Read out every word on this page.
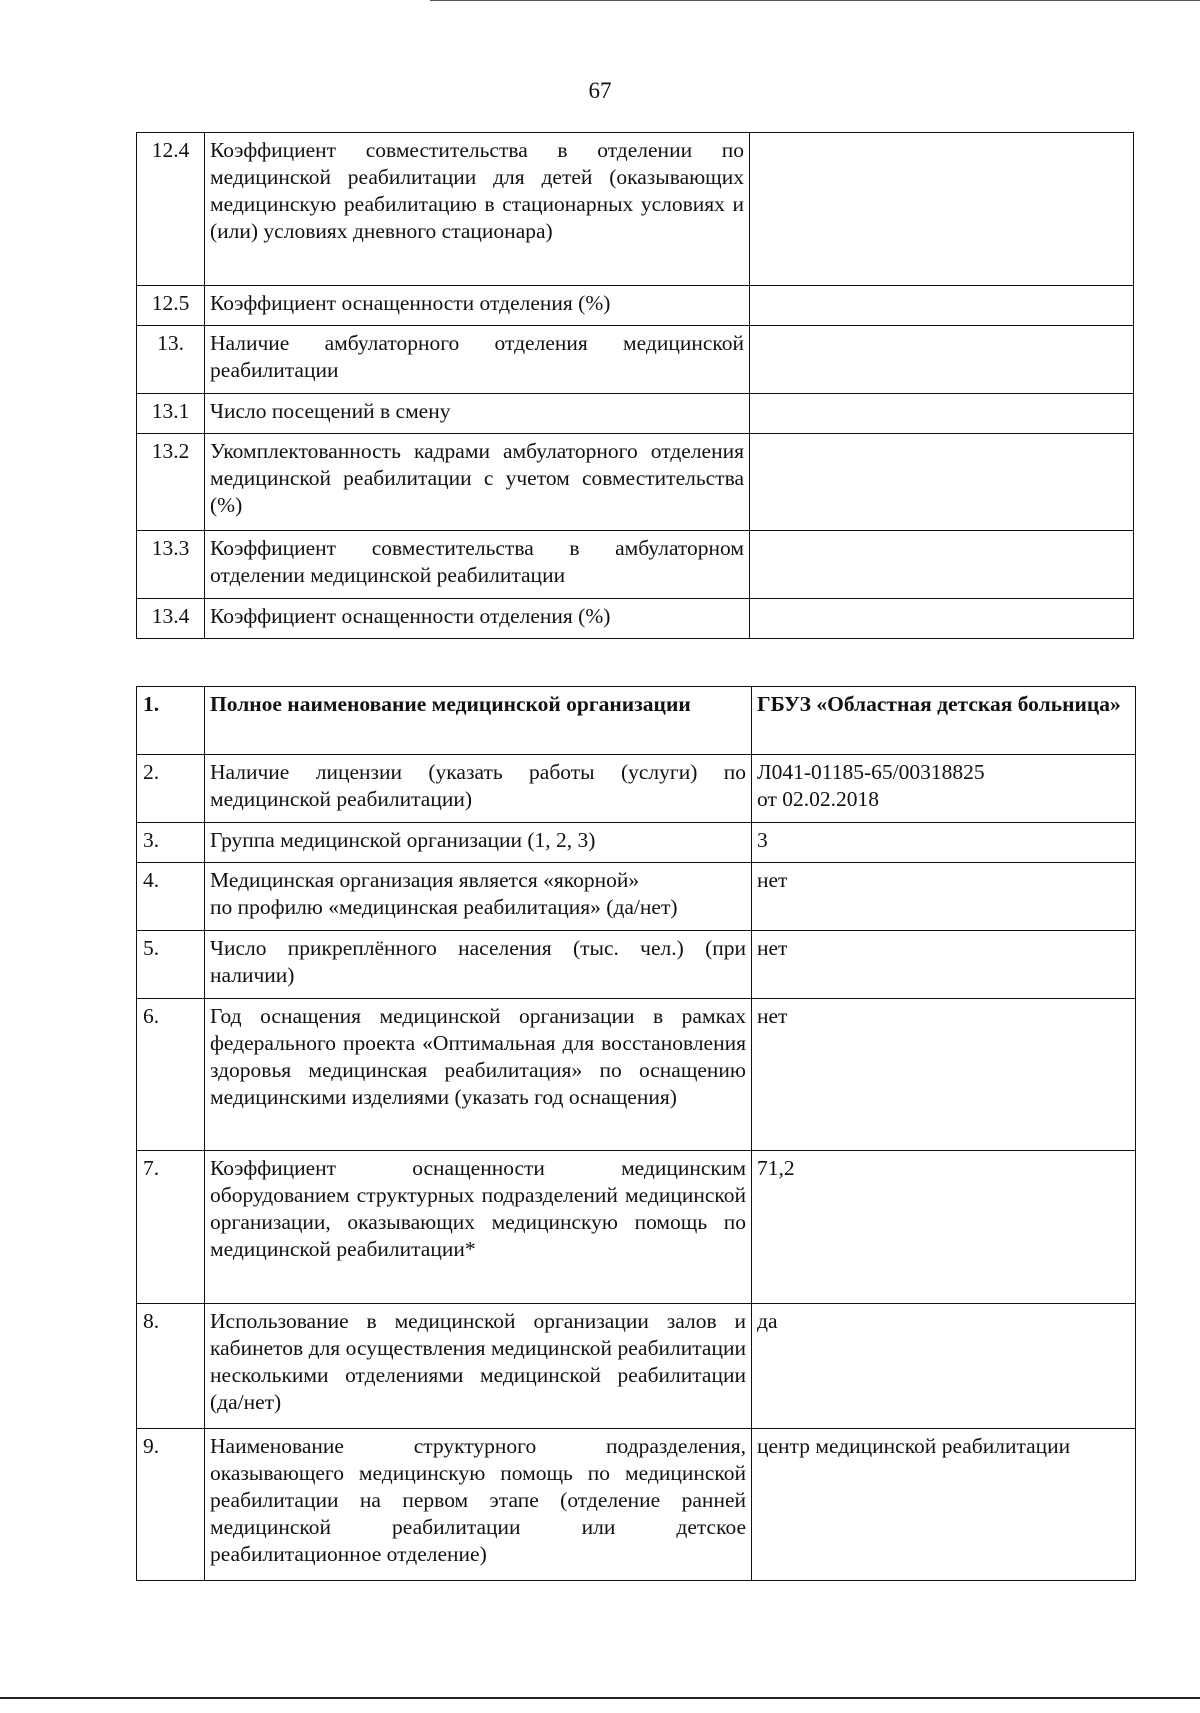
67
12.4	Коэффициент совместительства в отделении по медицинской реабилитации для детей (оказывающих медицинскую реабилитацию в стационарных условиях и (или) условиях дневного стационара)	
12.5	Коэффициент оснащенности отделения (%)	
13.	Наличие амбулаторного отделения медицинской реабилитации	
13.1	Число посещений в смену	
13.2	Укомплектованность кадрами амбулаторного отделения медицинской реабилитации с учетом совместительства (%)	
13.3	Коэффициент совместительства в амбулаторном отделении медицинской реабилитации	
13.4	Коэффициент оснащенности отделения (%)	
1.	Полное наименование медицинской организации	ГБУЗ «Областная детская больница»
2.	Наличие лицензии (указать работы (услуги) по медицинской реабилитации)	Л041-01185-65/00318825
от 02.02.2018

3.	Группа медицинской организации (1, 2, 3)	3
4.	Медицинская организация является «якорной»
по профилю «медицинская реабилитация» (да/нет)	нет
5.	Число прикреплённого населения (тыс. чел.) (при наличии)	нет
6.	Год оснащения медицинской организации в рамках федерального проекта «Оптимальная для восстановления здоровья медицинская реабилитация» по оснащению медицинскими изделиями (указать год оснащения)	нет
7.	Коэффициент оснащенности медицинским оборудованием структурных подразделений медицинской организации, оказывающих медицинскую помощь по медицинской реабилитации*	71,2
8.	Использование в медицинской организации залов и кабинетов для осуществления медицинской реабилитации несколькими отделениями медицинской реабилитации (да/нет)	да
9.	Наименование структурного подразделения, оказывающего медицинскую помощь по медицинской реабилитации на первом этапе (отделение ранней медицинской реабилитации или детское реабилитационное отделение)	центр медицинской реабилитации
